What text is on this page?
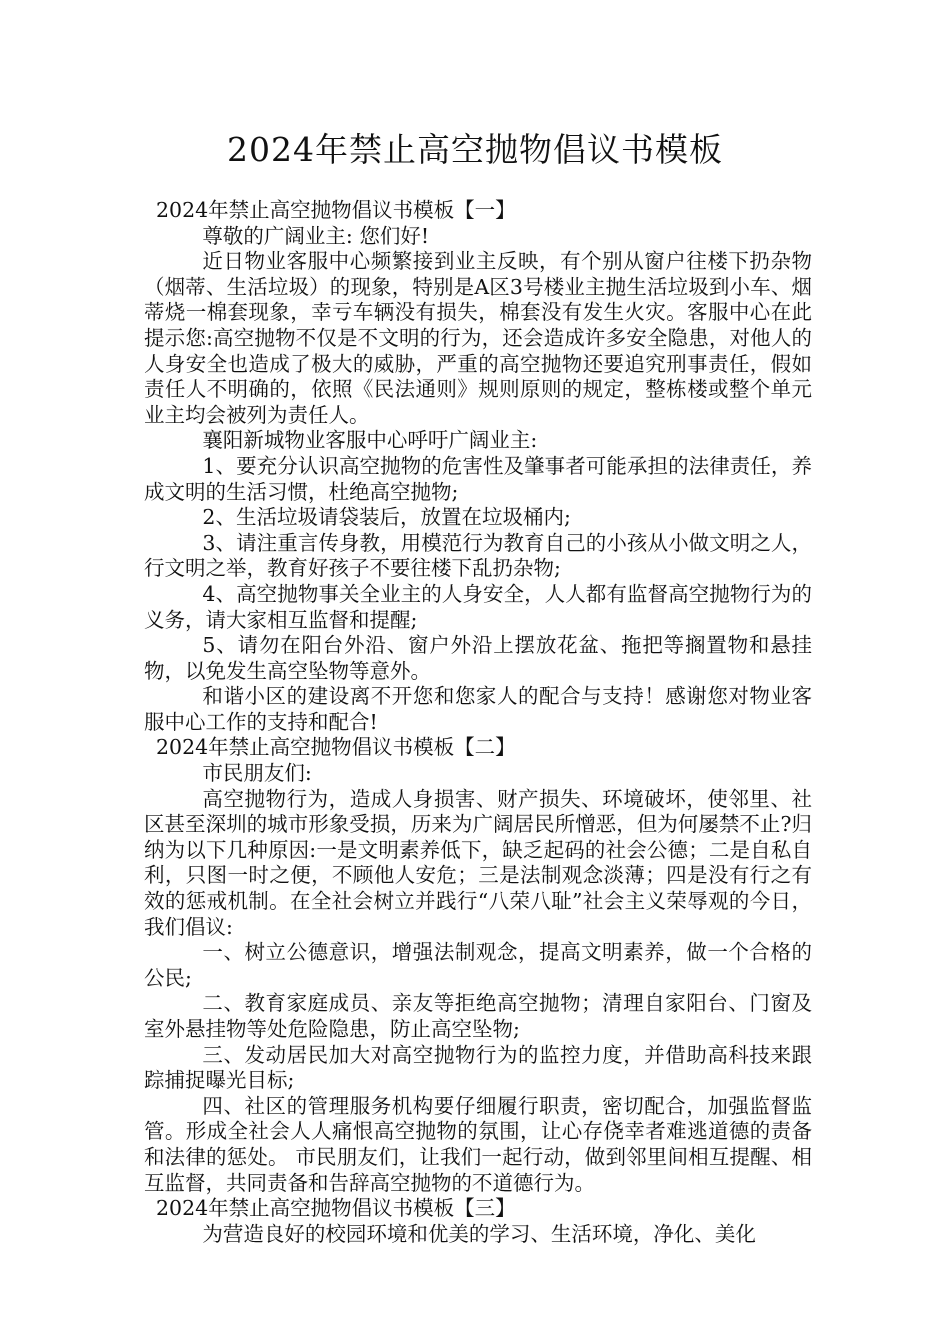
2024年禁止高空抛物倡议书模板

2024年禁止高空抛物倡议书模板【一】

尊敬的广阔业主: 您们好!

近日物业客服中心频繁接到业主反映，有个别从窗户往楼下扔杂物（烟蒂、生活垃圾）的现象，特别是A区3号楼业主抛生活垃圾到小车、烟蒂烧一棉套现象，幸亏车辆没有损失，棉套没有发生火灾。客服中心在此提示您:高空抛物不仅是不文明的行为，还会造成许多安全隐患，对他人的人身安全也造成了极大的威胁，严重的高空抛物还要追究刑事责任，假如责任人不明确的，依照《民法通则》规则原则的规定，整栋楼或整个单元业主均会被列为责任人。

襄阳新城物业客服中心呼吁广阔业主:

1、要充分认识高空抛物的危害性及肇事者可能承担的法律责任，养成文明的生活习惯，杜绝高空抛物;

2、生活垃圾请袋装后，放置在垃圾桶内;

3、请注重言传身教，用模范行为教育自己的小孩从小做文明之人，行文明之举，教育好孩子不要往楼下乱扔杂物;

4、高空抛物事关全业主的人身安全，人人都有监督高空抛物行为的义务，请大家相互监督和提醒;

5、请勿在阳台外沿、窗户外沿上摆放花盆、拖把等搁置物和悬挂物，以免发生高空坠物等意外。

和谐小区的建设离不开您和您家人的配合与支持！感谢您对物业客服中心工作的支持和配合!

2024年禁止高空抛物倡议书模板【二】

市民朋友们:

高空抛物行为，造成人身损害、财产损失、环境破坏，使邻里、社区甚至深圳的城市形象受损，历来为广阔居民所憎恶，但为何屡禁不止?归纳为以下几种原因:一是文明素养低下，缺乏起码的社会公德；二是自私自利，只图一时之便，不顾他人安危；三是法制观念淡薄；四是没有行之有效的惩戒机制。在全社会树立并践行“八荣八耻”社会主义荣辱观的今日，我们倡议:

一、树立公德意识，增强法制观念，提高文明素养，做一个合格的公民;

二、教育家庭成员、亲友等拒绝高空抛物；清理自家阳台、门窗及室外悬挂物等处危险隐患，防止高空坠物;

三、发动居民加大对高空抛物行为的监控力度，并借助高科技来跟踪捕捉曝光目标;

四、社区的管理服务机构要仔细履行职责，密切配合，加强监督监管。形成全社会人人痛恨高空抛物的氛围，让心存侥幸者难逃道德的责备和法律的惩处。 市民朋友们，让我们一起行动，做到邻里间相互提醒、相互监督，共同责备和告辞高空抛物的不道德行为。

2024年禁止高空抛物倡议书模板【三】

为营造良好的校园环境和优美的学习、生活环境，净化、美化
